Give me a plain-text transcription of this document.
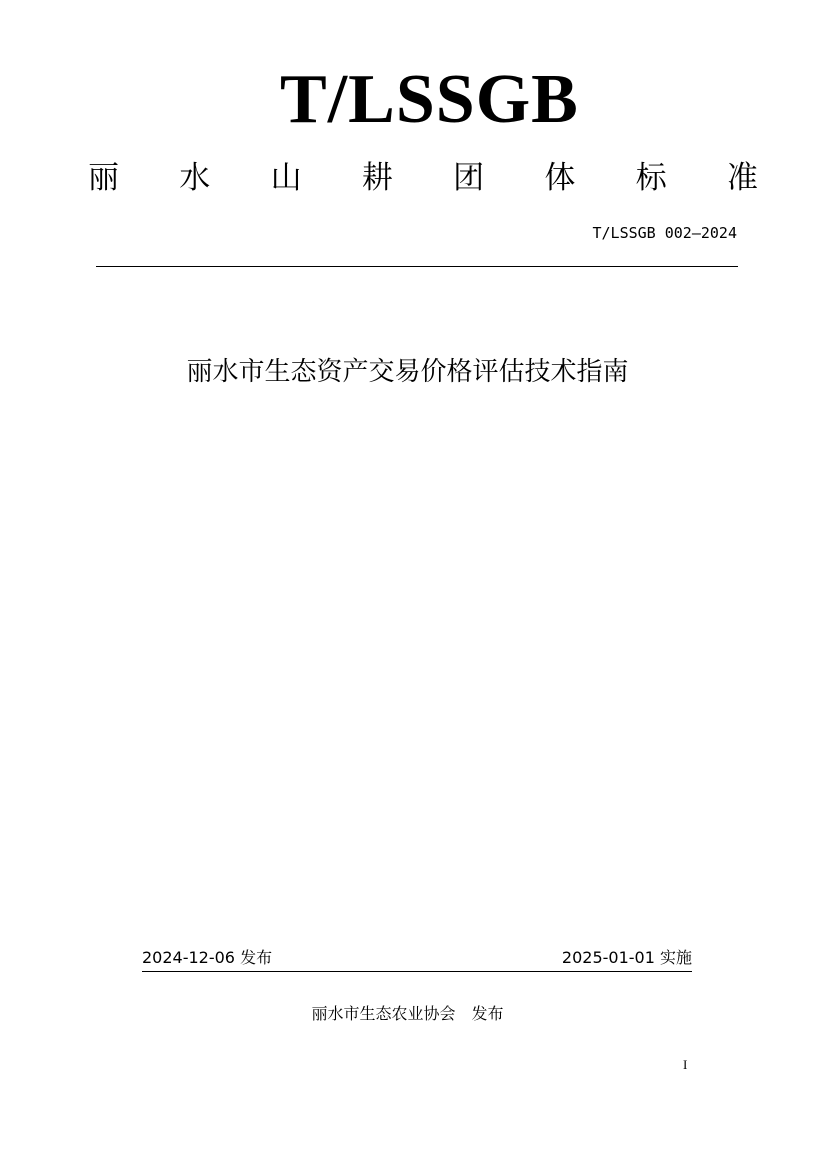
T/LSSGB
丽 水 山 耕 团 体 标 准
T/LSSGB 002—2024
丽水市生态资产交易价格评估技术指南
2024-12-06 发布	2025-01-01 实施
丽水市生态农业协会　发布
I
